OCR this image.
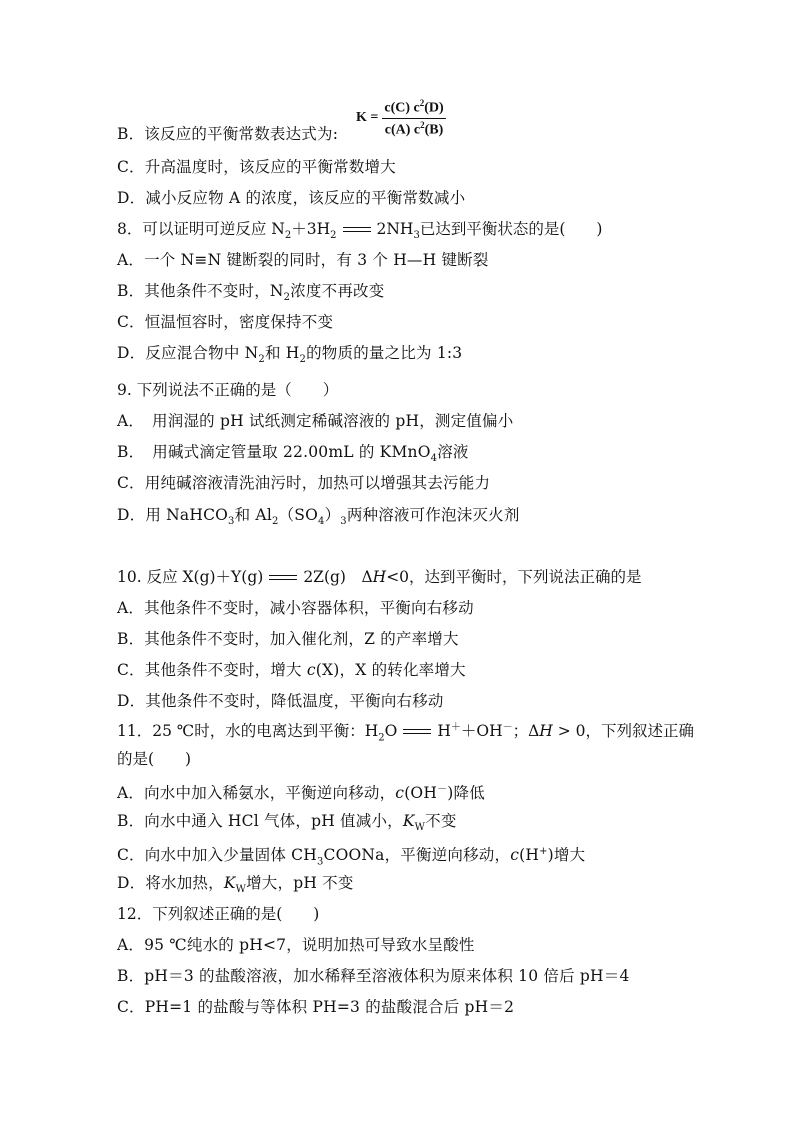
B．该反应的平衡常数表达式为:
$K = \frac{c(C) c^2(D)}{c(A) c^2(B)}$
C．升高温度时，该反应的平衡常数增大
D．减小反应物 A 的浓度，该反应的平衡常数减小
8．可以证明可逆反应 $N_2+3H_2$	$2NH_3$已达到平衡状态的是(　　)
A．一个 N≡N 键断裂的同时，有 3 个 H—H 键断裂
B．其他条件不变时，$N_2$浓度不再改变
C．恒温恒容时，密度保持不变
D．反应混合物中 $N_2$和 $H_2$的物质的量之比为 1:3
9. 下列说法不正确的是（　　）
A．　用润湿的 pH 试纸测定稀碱溶液的 pH，测定值偏小
B．　用碱式滴定管量取 22.00mL 的 KMnO$_4$溶液
C．用纯碱溶液清洗油污时，加热可以增强其去污能力
D．用 NaHCO$_3$和 $Al_2(SO_4)_3$两种溶液可作泡沫灭火剂
10. 反应 X(g)＋Y(g)	2Z(g)　ΔH<0，达到平衡时，下列说法正确的是
A．其他条件不变时，减小容器体积，平衡向右移动
B．其他条件不变时，加入催化剂，Z 的产率增大
C．其他条件不变时，增大 c(X)，X 的转化率增大
D．其他条件不变时，降低温度，平衡向右移动
11．25 ℃时，水的电离达到平衡：$H_2O$	H＋＋OH－；ΔH > 0，下列叙述正确
的是(　　)
A．向水中加入稀氨水，平衡逆向移动，c(OH－)降低
B．向水中通入 HCl 气体，pH 值减小，$K_W$不变
C．向水中加入少量固体 $CH_3COONa$，平衡逆向移动，c(H+)增大
D．将水加热，$K_W$增大，pH 不变
12．下列叙述正确的是(　　)
A．95 ℃纯水的 pH<7，说明加热可导致水呈酸性
B．pH＝3 的盐酸溶液，加水稀释至溶液体积为原来体积 10 倍后 pH＝4
C．PH=1 的盐酸与等体积 PH=3 的盐酸混合后 pH＝2
